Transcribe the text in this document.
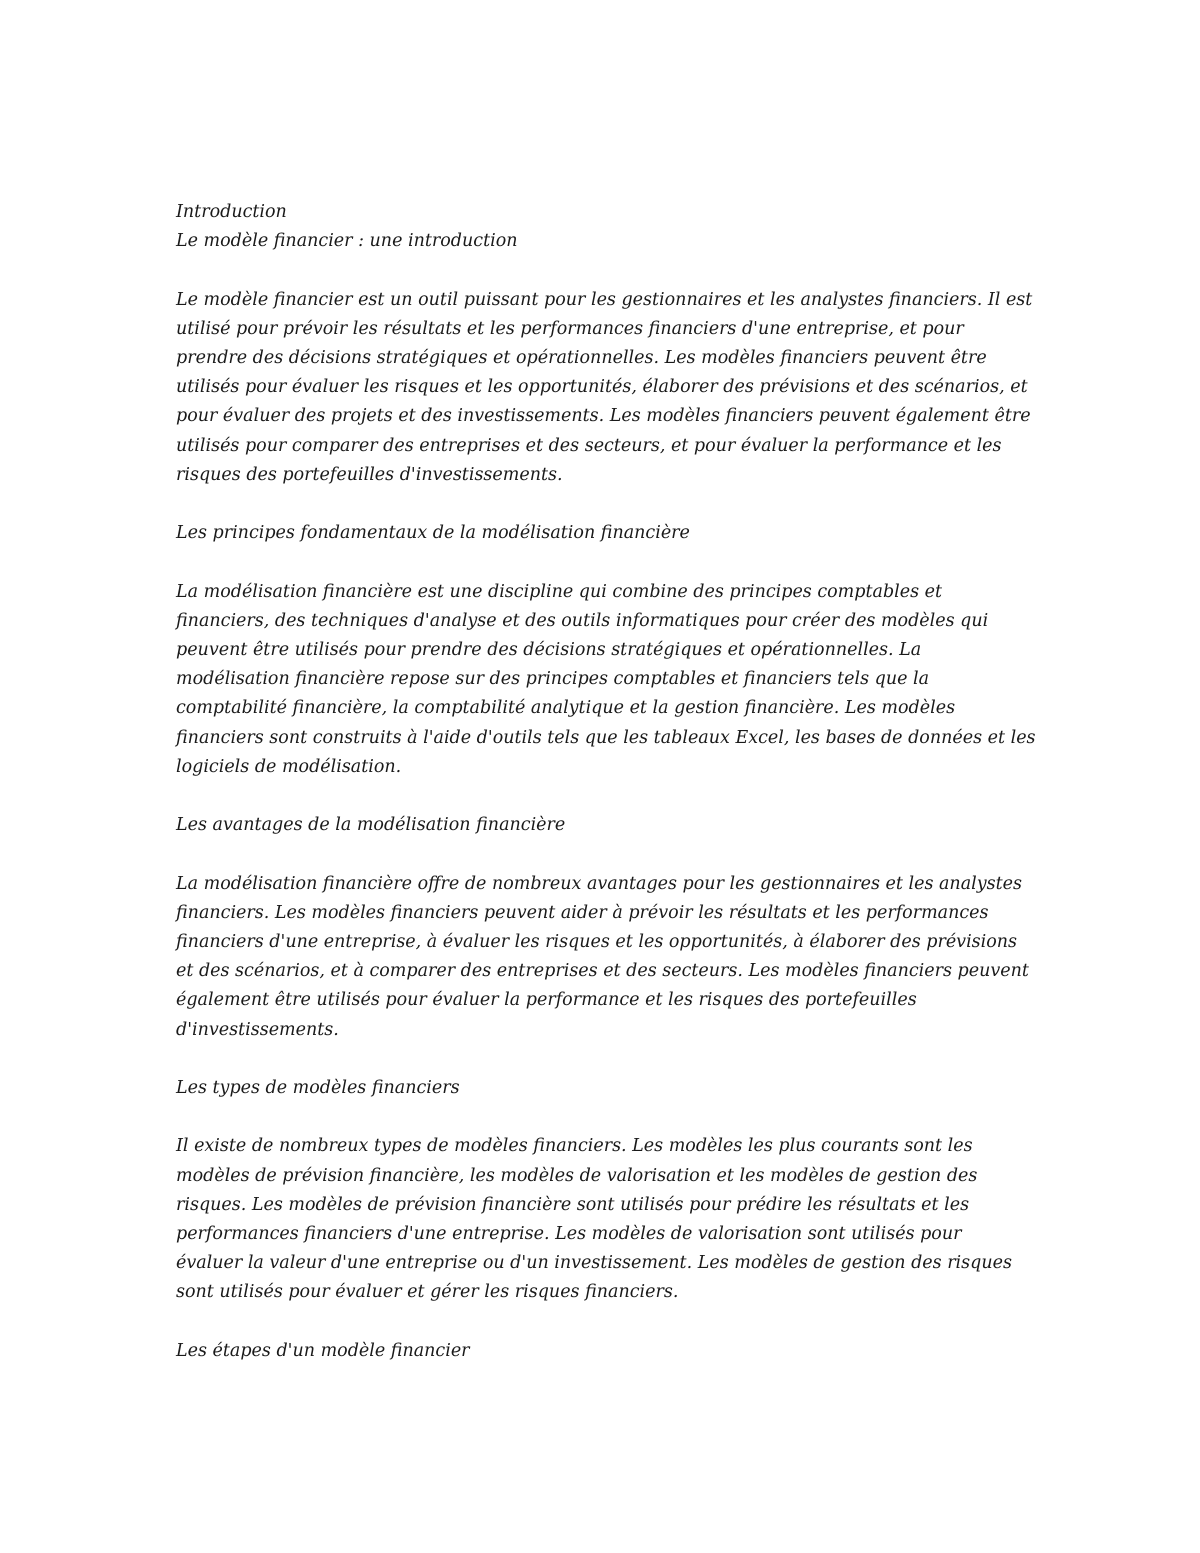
Introduction
Le modèle financier : une introduction
Le modèle financier est un outil puissant pour les gestionnaires et les analystes financiers. Il est
utilisé pour prévoir les résultats et les performances financiers d'une entreprise, et pour
prendre des décisions stratégiques et opérationnelles. Les modèles financiers peuvent être
utilisés pour évaluer les risques et les opportunités, élaborer des prévisions et des scénarios, et
pour évaluer des projets et des investissements. Les modèles financiers peuvent également être
utilisés pour comparer des entreprises et des secteurs, et pour évaluer la performance et les
risques des portefeuilles d'investissements.
Les principes fondamentaux de la modélisation financière
La modélisation financière est une discipline qui combine des principes comptables et
financiers, des techniques d'analyse et des outils informatiques pour créer des modèles qui
peuvent être utilisés pour prendre des décisions stratégiques et opérationnelles. La
modélisation financière repose sur des principes comptables et financiers tels que la
comptabilité financière, la comptabilité analytique et la gestion financière. Les modèles
financiers sont construits à l'aide d'outils tels que les tableaux Excel, les bases de données et les
logiciels de modélisation.
Les avantages de la modélisation financière
La modélisation financière offre de nombreux avantages pour les gestionnaires et les analystes
financiers. Les modèles financiers peuvent aider à prévoir les résultats et les performances
financiers d'une entreprise, à évaluer les risques et les opportunités, à élaborer des prévisions
et des scénarios, et à comparer des entreprises et des secteurs. Les modèles financiers peuvent
également être utilisés pour évaluer la performance et les risques des portefeuilles
d'investissements.
Les types de modèles financiers
Il existe de nombreux types de modèles financiers. Les modèles les plus courants sont les
modèles de prévision financière, les modèles de valorisation et les modèles de gestion des
risques. Les modèles de prévision financière sont utilisés pour prédire les résultats et les
performances financiers d'une entreprise. Les modèles de valorisation sont utilisés pour
évaluer la valeur d'une entreprise ou d'un investissement. Les modèles de gestion des risques
sont utilisés pour évaluer et gérer les risques financiers.
Les étapes d'un modèle financier
